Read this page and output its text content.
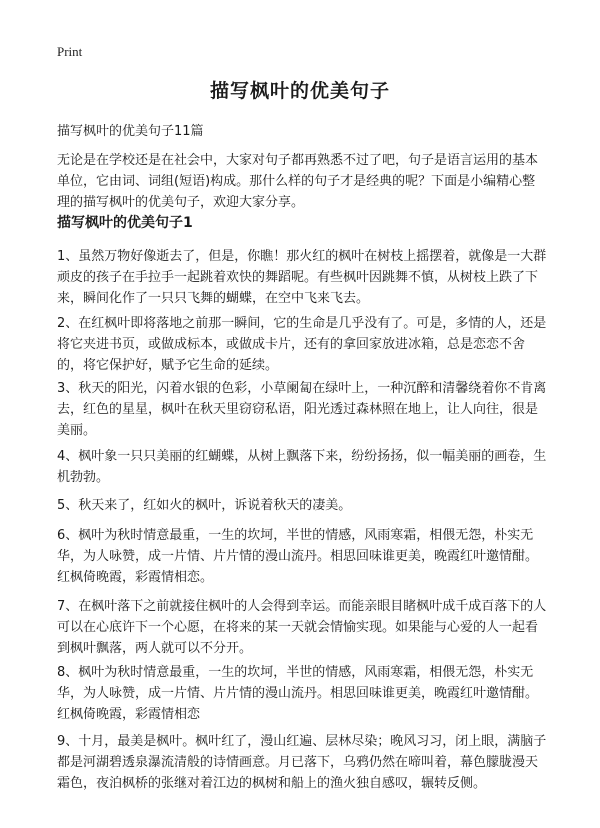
Print
描写枫叶的优美句子
描写枫叶的优美句子11篇
无论是在学校还是在社会中，大家对句子都再熟悉不过了吧，句子是语言运用的基本单位，它由词、词组(短语)构成。那什么样的句子才是经典的呢？下面是小编精心整理的描写枫叶的优美句子，欢迎大家分享。
描写枫叶的优美句子1
1、虽然万物好像逝去了，但是，你瞧！那火红的枫叶在树枝上摇摆着，就像是一大群顽皮的孩子在手拉手一起跳着欢快的舞蹈呢。有些枫叶因跳舞不慎，从树枝上跌了下来，瞬间化作了一只只飞舞的蝴蝶，在空中飞来飞去。
2、在红枫叶即将落地之前那一瞬间，它的生命是几乎没有了。可是，多情的人，还是将它夹进书页，或做成标本，或做成卡片，还有的拿回家放进冰箱，总是恋恋不舍的，将它保护好，赋予它生命的延续。
3、秋天的阳光，闪着水银的色彩，小草阑匐在绿叶上，一种沉醉和清馨绕着你不肯离去，红色的星星，枫叶在秋天里窃窃私语，阳光透过森林照在地上，让人向往，很是美丽。
4、枫叶象一只只美丽的红蝴蝶，从树上飘落下来，纷纷扬扬，似一幅美丽的画卷，生机勃勃。
5、秋天来了，红如火的枫叶，诉说着秋天的凄美。
6、枫叶为秋时情意最重，一生的坎坷，半世的情感，风雨寒霜，相偎无怨，朴实无华，为人咏赞，成一片情、片片情的漫山流丹。相思回味谁更美，晚霞红叶邀情酣。红枫倚晚霞，彩霞情相恋。
7、在枫叶落下之前就接住枫叶的人会得到幸运。而能亲眼目睹枫叶成千成百落下的人可以在心底许下一个心愿，在将来的某一天就会情愉实现。如果能与心爱的人一起看到枫叶飘落，两人就可以不分开。
8、枫叶为秋时情意最重，一生的坎坷，半世的情感，风雨寒霜，相偎无怨，朴实无华，为人咏赞，成一片情、片片情的漫山流丹。相思回味谁更美，晚霞红叶邀情酣。红枫倚晚霞，彩霞情相恋
9、十月，最美是枫叶。枫叶红了，漫山红遍、层林尽染；晚风习习，闭上眼，满脑子都是河湖碧透泉瀑流清般的诗情画意。月已落下，乌鸦仍然在啼叫着，幕色朦胧漫天霜色，夜泊枫桥的张继对着江边的枫树和船上的渔火独自感叹，辗转反侧。
